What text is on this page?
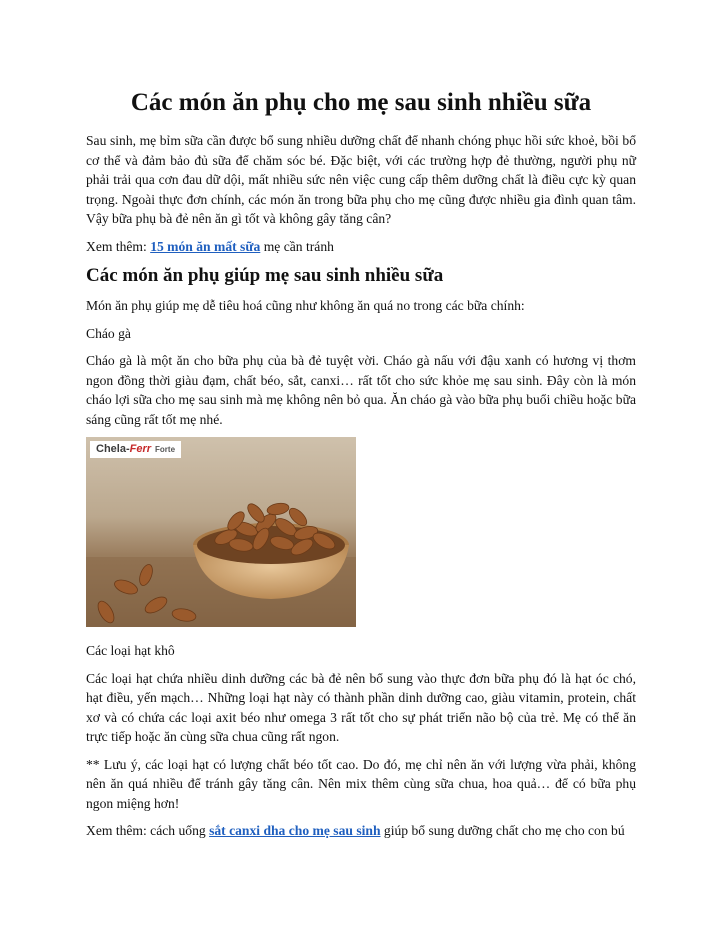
Các món ăn phụ cho mẹ sau sinh nhiều sữa

Sau sinh, mẹ bỉm sữa cần được bổ sung nhiều dưỡng chất để nhanh chóng phục hồi sức khoẻ, bồi bổ cơ thể và đảm bảo đủ sữa để chăm sóc bé. Đặc biệt, với các trường hợp đẻ thường, người phụ nữ phải trải qua cơn đau dữ dội, mất nhiều sức nên việc cung cấp thêm dưỡng chất là điều cực kỳ quan trọng. Ngoài thực đơn chính, các món ăn trong bữa phụ cho mẹ cũng được nhiều gia đình quan tâm. Vậy bữa phụ bà đẻ nên ăn gì tốt và không gây tăng cân?

Xem thêm: 15 món ăn mất sữa mẹ cần tránh

Các món ăn phụ giúp mẹ sau sinh nhiều sữa

Món ăn phụ giúp mẹ dễ tiêu hoá cũng như không ăn quá no trong các bữa chính:

Cháo gà

Cháo gà là một ăn cho bữa phụ của bà đẻ tuyệt vời. Cháo gà nấu với đậu xanh có hương vị thơm ngon đồng thời giàu đạm, chất béo, sắt, canxi… rất tốt cho sức khỏe mẹ sau sinh. Đây còn là món cháo lợi sữa cho mẹ sau sinh mà mẹ không nên bỏ qua. Ăn cháo gà vào bữa phụ buổi chiều hoặc bữa sáng cũng rất tốt mẹ nhé.

Chela-Ferr Forte

Các loại hạt khô

Các loại hạt chứa nhiều dinh dưỡng các bà đẻ nên bổ sung vào thực đơn bữa phụ đó là hạt óc chó, hạt điều, yến mạch… Những loại hạt này có thành phần dinh dưỡng cao, giàu vitamin, protein, chất xơ và có chứa các loại axit béo như omega 3 rất tốt cho sự phát triển não bộ của trẻ. Mẹ có thể ăn trực tiếp hoặc ăn cùng sữa chua cũng rất ngon.

** Lưu ý, các loại hạt có lượng chất béo tốt cao. Do đó, mẹ chỉ nên ăn với lượng vừa phải, không nên ăn quá nhiều để tránh gây tăng cân. Nên mix thêm cùng sữa chua, hoa quả… để có bữa phụ ngon miệng hơn!

Xem thêm: cách uống sắt canxi dha cho mẹ sau sinh giúp bổ sung dưỡng chất cho mẹ cho con bú
